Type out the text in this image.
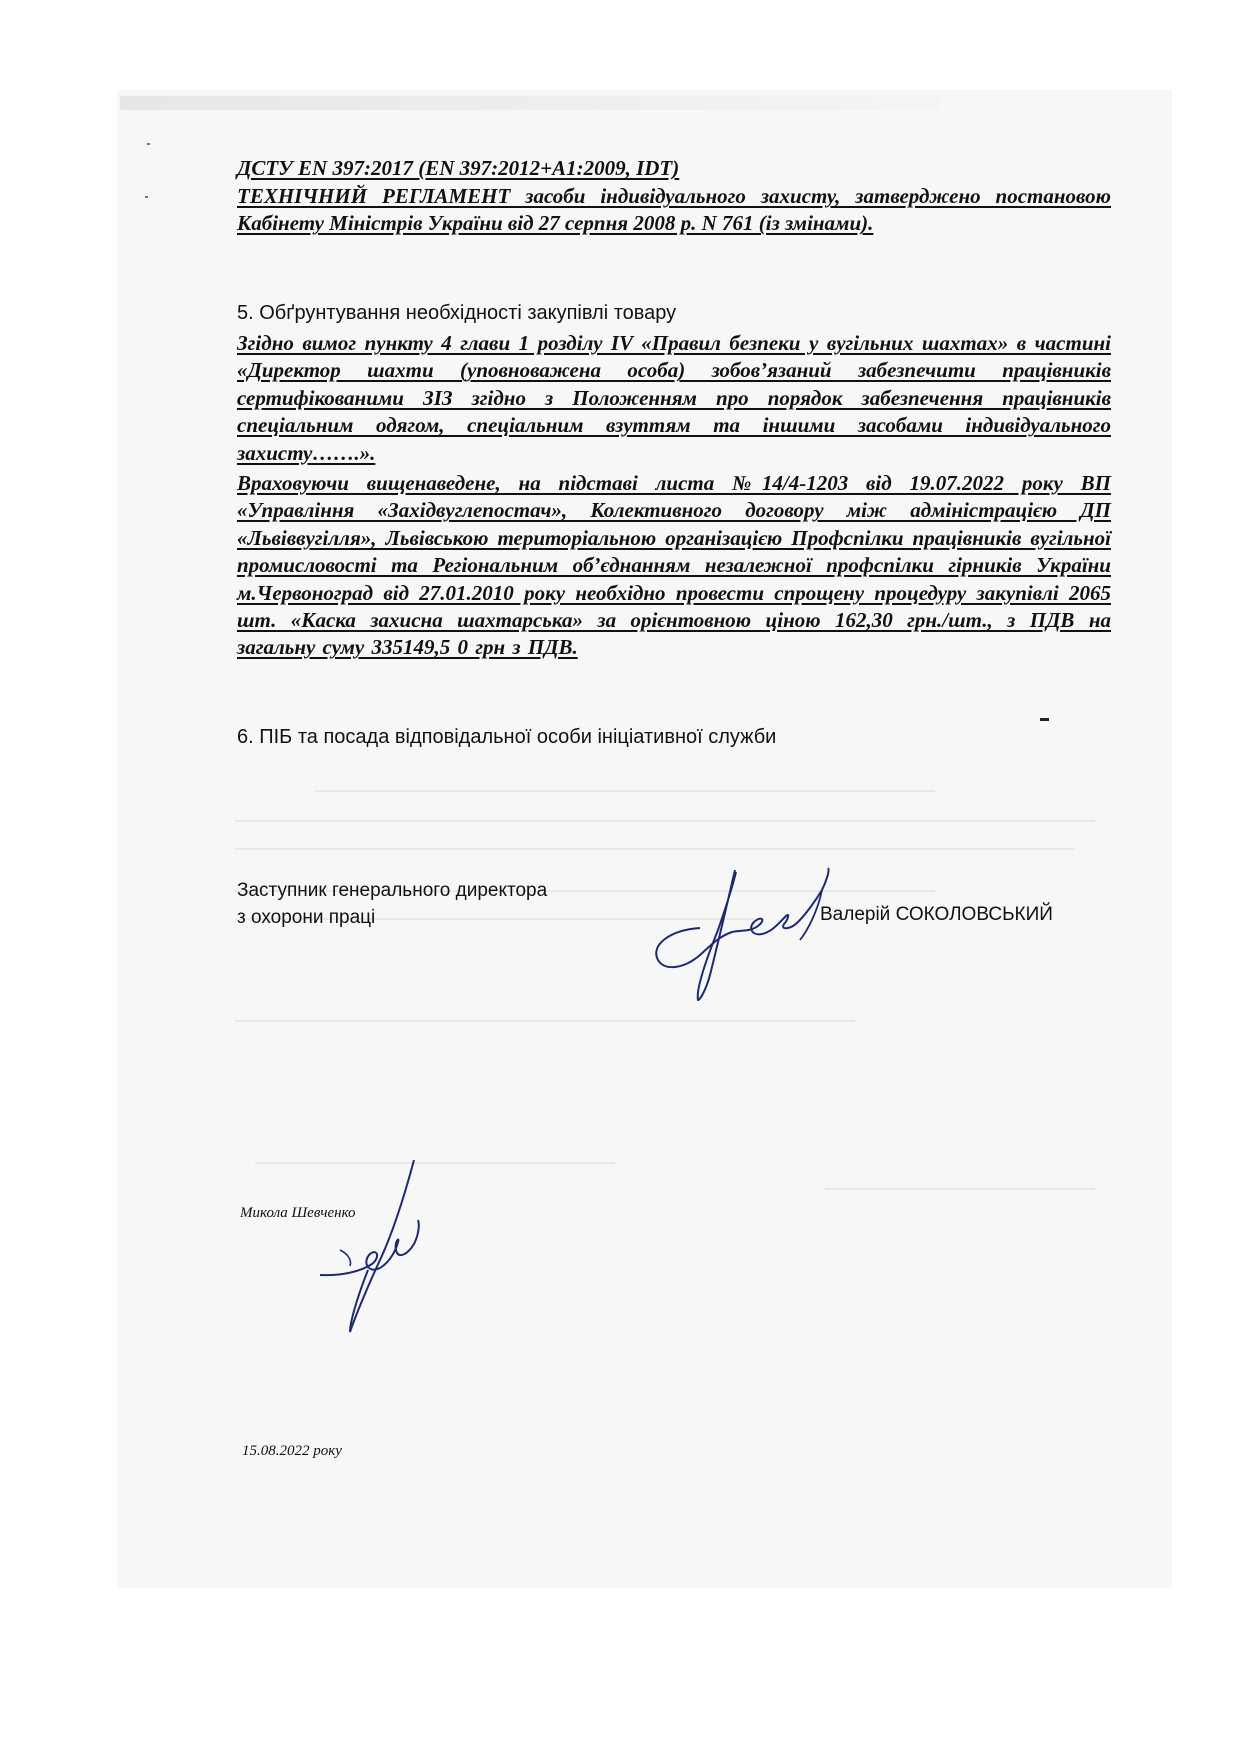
ДСТУ EN 397:2017 (EN 397:2012+A1:2009, IDT)

ТЕХНІЧНИЙ РЕГЛАМЕНТ засоби індивідуального захисту, затверджено постановою Кабінету Міністрів України від 27 серпня 2008 р. N 761 (із змінами).

5. Обґрунтування необхідності закупівлі товару

Згідно вимог пункту 4 глави 1 розділу IV «Правил безпеки у вугільних шахтах» в частині «Директор шахти (уповноважена особа) зобов’язаний забезпечити працівників сертифікованими ЗІЗ згідно з Положенням про порядок забезпечення працівників спеціальним одягом, спеціальним взуттям та іншими засобами індивідуального захисту…….».

Враховуючи вищенаведене, на підставі листа №14/4-1203 від 19.07.2022 року ВП «Управління «Західвуглепостач», Колективного договору між адміністрацією ДП «Львіввугілля», Львівською територіальною організацією Профспілки працівників вугільної промисловості та Регіональним об’єднанням незалежної профспілки гірників України м.Червоноград від 27.01.2010 року необхідно провести спрощену процедуру закупівлі 2065 шт. «Каска захисна шахтарська» за орієнтовною ціною 162,30 грн./шт., з ПДВ на загальну суму 335149,5 0 грн з ПДВ.

6. ПІБ та посада відповідальної особи ініціативної служби

Заступник генерального директора

з охорони праці	Валерій СОКОЛОВСЬКИЙ

Микола Шевченко

15.08.2022 року
